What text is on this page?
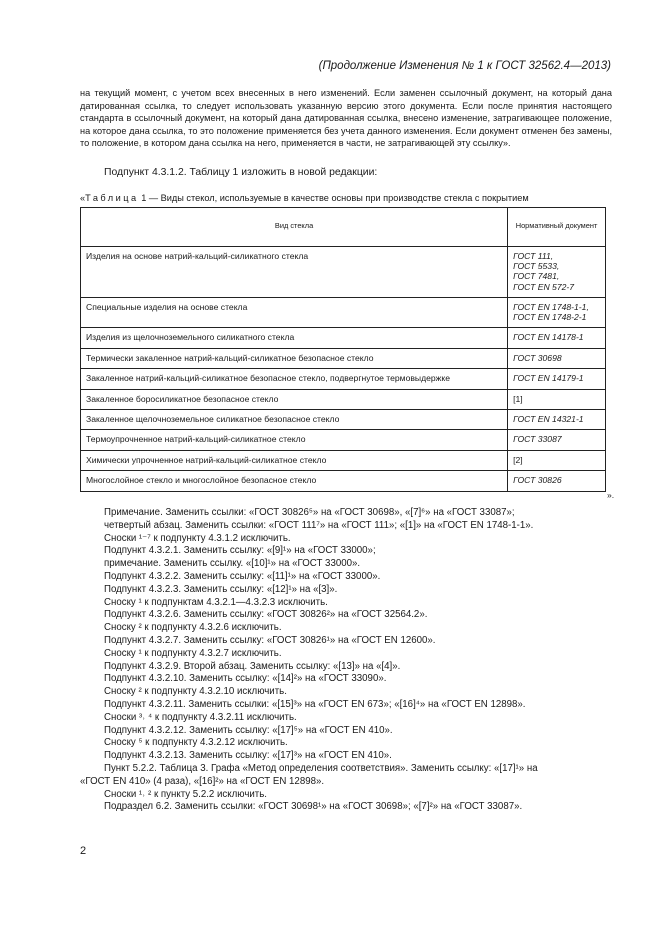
(Продолжение Изменения № 1 к ГОСТ 32562.4—2013)

на текущий момент, с учетом всех внесенных в него изменений. Если заменен ссылочный документ, на который дана датированная ссылка, то следует использовать указанную версию этого документа. Если после принятия настоящего стандарта в ссылочный документ, на который дана датированная ссылка, внесено изменение, затрагивающее положение, на которое дана ссылка, то это положение применяется без учета данного изменения. Если документ отменен без замены, то положение, в котором дана ссылка на него, применяется в части, не затрагивающей эту ссылку».

Подпункт 4.3.1.2. Таблицу 1 изложить в новой редакции:
«Таблица 1 — Виды стекол, используемые в качестве основы при производстве стекла с покрытием
Вид стекла	Нормативный документ
Изделия на основе натрий-кальций-силикатного стекла	ГОСТ 111,
ГОСТ 5533,
ГОСТ 7481,
ГОСТ EN 572-7
Специальные изделия на основе стекла	ГОСТ EN 1748-1-1,
ГОСТ EN 1748-2-1
Изделия из щелочноземельного силикатного стекла	ГОСТ EN 14178-1
Термически закаленное натрий-кальций-силикатное безопасное стекло	ГОСТ 30698
Закаленное натрий-кальций-силикатное безопасное стекло, подвергнутое термовыдержке	ГОСТ EN 14179-1
Закаленное боросиликатное безопасное стекло	[1]
Закаленное щелочноземельное силикатное безопасное стекло	ГОСТ EN 14321-1
Термоупрочненное натрий-кальций-силикатное стекло	ГОСТ 33087
Химически упрочненное натрий-кальций-силикатное стекло	[2]
Многослойное стекло и многослойное безопасное стекло	ГОСТ 30826
».
Примечание. Заменить ссылки: «ГОСТ 30826⁵» на «ГОСТ 30698», «[7]⁶» на «ГОСТ 33087»;
четвертый абзац. Заменить ссылки: «ГОСТ 111⁷» на «ГОСТ 111»; «[1]» на «ГОСТ EN 1748-1-1».
Сноски ¹⁻⁷ к подпункту 4.3.1.2 исключить.
Подпункт 4.3.2.1. Заменить ссылку: «[9]¹» на «ГОСТ 33000»;
примечание. Заменить ссылку. «[10]¹» на «ГОСТ 33000».
Подпункт 4.3.2.2. Заменить ссылку: «[11]¹» на «ГОСТ 33000».
Подпункт 4.3.2.3. Заменить ссылку: «[12]¹» на «[3]».
Сноску ¹ к подпунктам 4.3.2.1—4.3.2.3 исключить.
Подпункт 4.3.2.6. Заменить ссылку: «ГОСТ 30826²» на «ГОСТ 32564.2».
Сноску ² к подпункту 4.3.2.6 исключить.
Подпункт 4.3.2.7. Заменить ссылку: «ГОСТ 30826¹» на «ГОСТ EN 12600».
Сноску ¹ к подпункту 4.3.2.7 исключить.
Подпункт 4.3.2.9. Второй абзац. Заменить ссылку: «[13]» на «[4]».
Подпункт 4.3.2.10. Заменить ссылку: «[14]²» на «ГОСТ 33090».
Сноску ² к подпункту 4.3.2.10 исключить.
Подпункт 4.3.2.11. Заменить ссылки: «[15]³» на «ГОСТ EN 673»; «[16]⁴» на «ГОСТ EN 12898».
Сноски ³˒ ⁴ к подпункту 4.3.2.11 исключить.
Подпункт 4.3.2.12. Заменить ссылку: «[17]⁵» на «ГОСТ EN 410».
Сноску ⁵ к подпункту 4.3.2.12 исключить.
Подпункт 4.3.2.13. Заменить ссылку: «[17]³» на «ГОСТ EN 410».
Пункт 5.2.2. Таблица 3. Графа «Метод определения соответствия». Заменить ссылку: «[17]¹» на
«ГОСТ EN 410» (4 раза), «[16]²» на «ГОСТ EN 12898».
Сноски ¹˒ ² к пункту 5.2.2 исключить.
Подраздел 6.2. Заменить ссылки: «ГОСТ 30698¹» на «ГОСТ 30698»; «[7]²» на «ГОСТ 33087».
2
